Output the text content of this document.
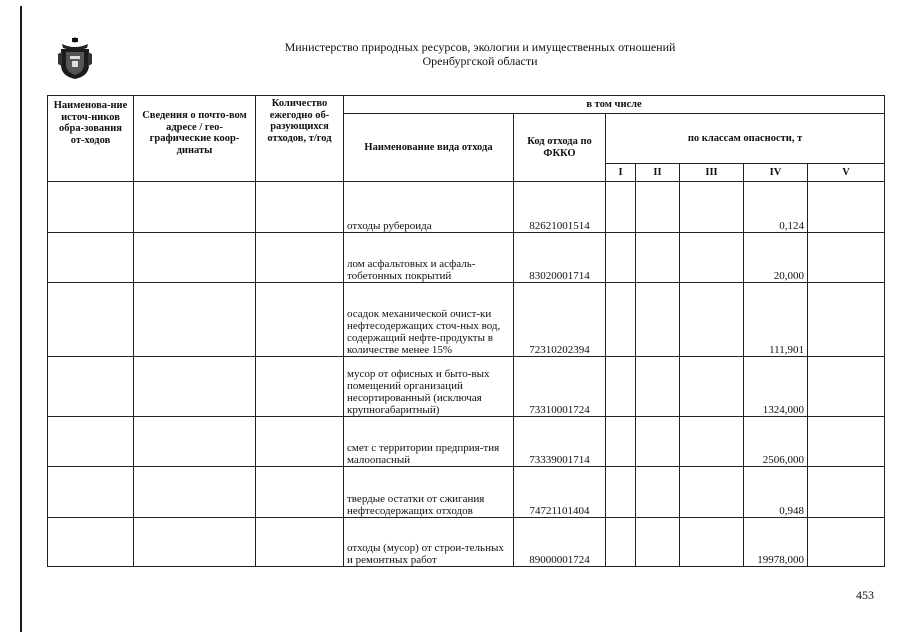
Министерство природных ресурсов, экологии и имущественных отношений
Оренбургской области
Наименова-ние источ-ников обра-зования от-ходов	Сведения о почто-вом адресе / гео-графические коор-динаты	Количество ежегодно об-разующихся отходов, т/год	в том числе						
			Наименование вида отхода	Код отхода по ФККО	по классам опасности, т				
					I	II	III	IV	V
			отходы рубероида	82621001514				0,124	
			лом асфальтовых и асфаль-тобетонных покрытий	83020001714				20,000	
			осадок механической очист-ки нефтесодержащих сточ-ных вод, содержащий нефте-продукты в количестве менее 15%	72310202394				111,901	
			мусор от офисных и быто-вых помещений организаций несортированный (исключая крупногабаритный)	73310001724				1324,000	
			смет с территории предприя-тия малоопасный	73339001714				2506,000	
			твердые остатки от сжигания нефтесодержащих отходов	74721101404				0,948	
			отходы (мусор) от строи-тельных и ремонтных работ	89000001724				19978,000	
453
